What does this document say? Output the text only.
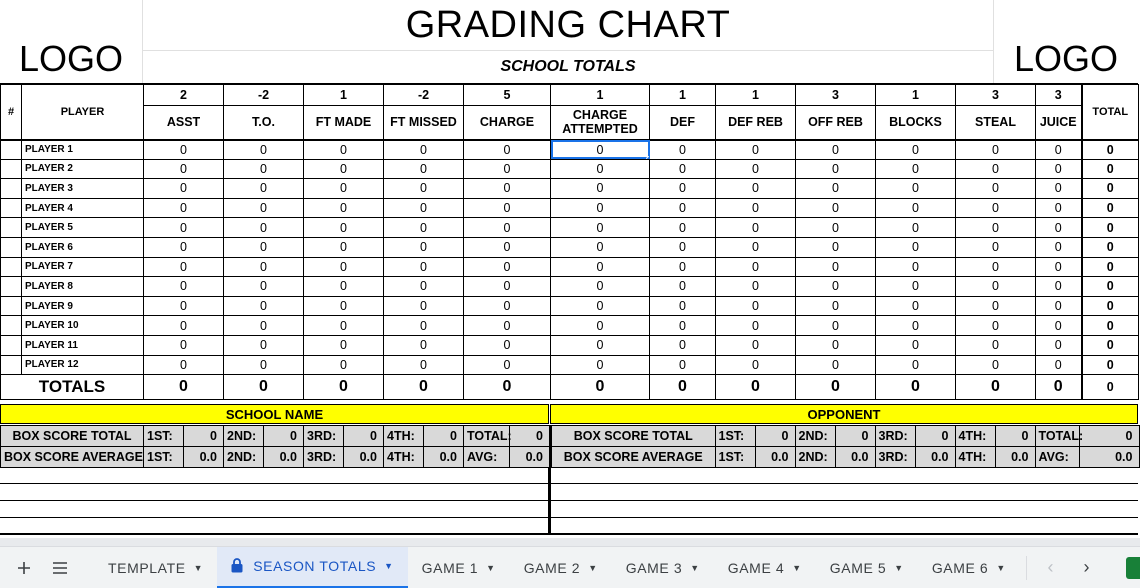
LOGO
GRADING CHART
SCHOOL TOTALS	LOGO
#	PLAYER	2	-2	1	-2	5	1	1	1	3	1	3	3	TOTAL
		ASST	T.O.	FT MADE	FT MISSED	CHARGE	CHARGE ATTEMPTED	DEF	DEF REB	OFF REB	BLOCKS	STEAL	JUICE	
	PLAYER 1	0	0	0	0	0	0	0	0	0	0	0	0	0
	PLAYER 2	0	0	0	0	0	0	0	0	0	0	0	0	0
	PLAYER 3	0	0	0	0	0	0	0	0	0	0	0	0	0
	PLAYER 4	0	0	0	0	0	0	0	0	0	0	0	0	0
	PLAYER 5	0	0	0	0	0	0	0	0	0	0	0	0	0
	PLAYER 6	0	0	0	0	0	0	0	0	0	0	0	0	0
	PLAYER 7	0	0	0	0	0	0	0	0	0	0	0	0	0
	PLAYER 8	0	0	0	0	0	0	0	0	0	0	0	0	0
	PLAYER 9	0	0	0	0	0	0	0	0	0	0	0	0	0
	PLAYER 10	0	0	0	0	0	0	0	0	0	0	0	0	0
	PLAYER 11	0	0	0	0	0	0	0	0	0	0	0	0	0
	PLAYER 12	0	0	0	0	0	0	0	0	0	0	0	0	0
TOTALS		0	0	0	0	0	0	0	0	0	0	0	0	0
SCHOOL NAME	OPPONENT
BOX SCORE TOTAL	1ST:	0	2ND:	0	3RD:	0	4TH:	0	TOTAL:	0
BOX SCORE AVERAGE	1ST:	0.0	2ND:	0.0	3RD:	0.0	4TH:	0.0	AVG:	0.0
BOX SCORE TOTAL	1ST:	0	2ND:	0	3RD:	0	4TH:	0	TOTAL:	0
BOX SCORE AVERAGE	1ST:	0.0	2ND:	0.0	3RD:	0.0	4TH:	0.0	AVG:	0.0
TEMPLATE ▼	SEASON TOTALS ▼ GAME 1 ▼ GAME 2 ▼ GAME 3 ▼ GAME 4 ▼ GAME 5 ▼ GAME 6 ▼	‹	›
